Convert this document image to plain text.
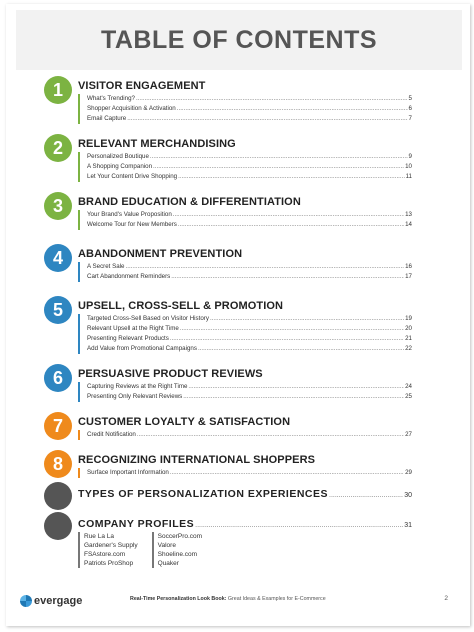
TABLE OF CONTENTS
1	VISITOR ENGAGEMENT
What's Trending? .....	5
Shopper Acquisition & Activation .....	6
Email Capture .....	7
2	RELEVANT MERCHANDISING
Personalized Boutique .....	9
A Shopping Companion .....	10
Let Your Content Drive Shopping .....	11
3	BRAND EDUCATION & DIFFERENTIATION
Your Brand's Value Proposition .....	13
Welcome Tour for New Members .....	14
4	ABANDONMENT PREVENTION
A Secret Sale .....	16
Cart Abandonment Reminders .....	17
5	UPSELL, CROSS-SELL & PROMOTION
Targeted Cross-Sell Based on Visitor History .....	19
Relevant Upsell at the Right Time .....	20
Presenting Relevant Products .....	21
Add Value from Promotional Campaigns .....	22
6	PERSUASIVE PRODUCT REVIEWS
Capturing Reviews at the Right Time .....	24
Presenting Only Relevant Reviews .....	25
7	CUSTOMER LOYALTY & SATISFACTION
Credit Notification .....	27
8	RECOGNIZING INTERNATIONAL SHOPPERS
Surface Important Information .....	29
TYPES OF PERSONALIZATION EXPERIENCES .....	30
COMPANY PROFILES .....	31
Rue La La
Gardener's Supply
FSAstore.com
Patriots ProShop
SoccerPro.com
Valore
Shoeline.com
Quaker
evergage	Real-Time Personalization Look Book: Great Ideas & Examples for E-Commerce	2
